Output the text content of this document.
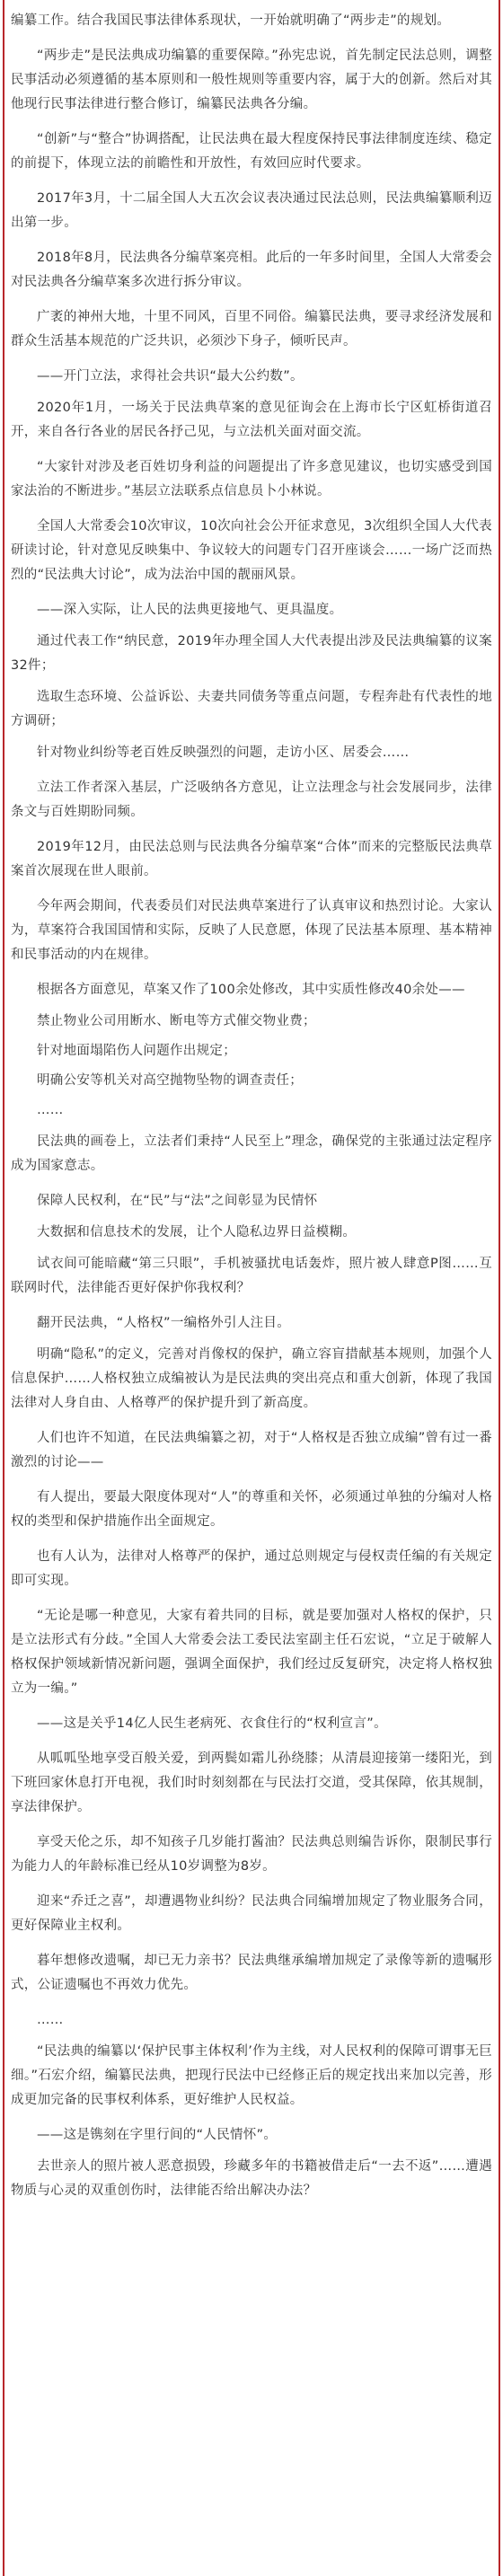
编纂工作。结合我国民事法律体系现状，一开始就明确了“两步走”的规划。

“两步走”是民法典成功编纂的重要保障。”孙宪忠说，首先制定民法总则，调整民事活动必须遵循的基本原则和一般性规则等重要内容，属于大的创新。然后对其他现行民事法律进行整合修订，编纂民法典各分编。

“创新”与“整合”协调搭配，让民法典在最大程度保持民事法律制度连续、稳定的前提下，体现立法的前瞻性和开放性，有效回应时代要求。

2017年3月，十二届全国人大五次会议表决通过民法总则，民法典编纂顺利迈出第一步。

2018年8月，民法典各分编草案亮相。此后的一年多时间里，全国人大常委会对民法典各分编草案多次进行拆分审议。

广袤的神州大地，十里不同风，百里不同俗。编纂民法典，要寻求经济发展和群众生活基本规范的广泛共识，必须沙下身子，倾听民声。

——开门立法，求得社会共识“最大公约数”。

2020年1月，一场关于民法典草案的意见征询会在上海市长宁区虹桥街道召开，来自各行各业的居民各抒己见，与立法机关面对面交流。

“大家针对涉及老百姓切身利益的问题提出了许多意见建议，也切实感受到国家法治的不断进步。”基层立法联系点信息员卜小林说。

全国人大常委会10次审议，10次向社会公开征求意见，3次组织全国人大代表研读讨论，针对意见反映集中、争议较大的问题专门召开座谈会……一场广泛而热烈的“民法典大讨论”，成为法治中国的靓丽风景。

——深入实际，让人民的法典更接地气、更具温度。

通过代表工作“纳民意，2019年办理全国人大代表提出涉及民法典编纂的议案32件；

选取生态环境、公益诉讼、夫妻共同债务等重点问题，专程奔赴有代表性的地方调研；

针对物业纠纷等老百姓反映强烈的问题，走访小区、居委会……

立法工作者深入基层，广泛吸纳各方意见，让立法理念与社会发展同步，法律条文与百姓期盼同频。

2019年12月，由民法总则与民法典各分编草案“合体”而来的完整版民法典草案首次展现在世人眼前。

今年两会期间，代表委员们对民法典草案进行了认真审议和热烈讨论。大家认为，草案符合我国国情和实际，反映了人民意愿，体现了民法基本原理、基本精神和民事活动的内在规律。

根据各方面意见，草案又作了100余处修改，其中实质性修改40余处——

禁止物业公司用断水、断电等方式催交物业费；

针对地面塌陷伤人问题作出规定；

明确公安等机关对高空抛物坠物的调查责任；

……

民法典的画卷上，立法者们秉持“人民至上”理念，确保党的主张通过法定程序成为国家意志。

保障人民权利，在“民”与“法”之间彰显为民情怀

大数据和信息技术的发展，让个人隐私边界日益模糊。

试衣间可能暗藏“第三只眼”，手机被骚扰电话轰炸，照片被人肆意P图……互联网时代，法律能否更好保护你我权利？

翻开民法典，“人格权”一编格外引人注目。

明确“隐私”的定义，完善对肖像权的保护，确立容盲措献基本规则，加强个人信息保护……人格权独立成编被认为是民法典的突出亮点和重大创新，体现了我国法律对人身自由、人格尊严的保护提升到了新高度。

人们也许不知道，在民法典编纂之初，对于“人格权是否独立成编”曾有过一番激烈的讨论——

有人提出，要最大限度体现对“人”的尊重和关怀，必须通过单独的分编对人格权的类型和保护措施作出全面规定。

也有人认为，法律对人格尊严的保护，通过总则规定与侵权责任编的有关规定即可实现。

“无论是哪一种意见，大家有着共同的目标，就是要加强对人格权的保护，只是立法形式有分歧。”全国人大常委会法工委民法室副主任石宏说，“立足于破解人格权保护领域新情况新问题，强调全面保护，我们经过反复研究，决定将人格权独立为一编。”

——这是关乎14亿人民生老病死、衣食住行的“权利宣言”。

从呱呱坠地享受百般关爱，到两鬓如霜儿孙绕膝；从清晨迎接第一缕阳光，到下班回家休息打开电视，我们时时刻刻都在与民法打交道，受其保障，依其规制，享法律保护。

享受天伦之乐，却不知孩子几岁能打酱油？民法典总则编告诉你，限制民事行为能力人的年龄标准已经从10岁调整为8岁。

迎来“乔迁之喜”，却遭遇物业纠纷？民法典合同编增加规定了物业服务合同，更好保障业主权利。

暮年想修改遗嘱，却已无力亲书？民法典继承编增加规定了录像等新的遗嘱形式，公证遗嘱也不再效力优先。

……

“民法典的编纂以‘保护民事主体权利’作为主线，对人民权利的保障可谓事无巨细。”石宏介绍，编纂民法典，把现行民法中已经修正后的规定找出来加以完善，形成更加完备的民事权利体系，更好维护人民权益。

——这是镌刻在字里行间的“人民情怀”。

去世亲人的照片被人恶意损毁，珍藏多年的书籍被借走后“一去不返”……遭遇物质与心灵的双重创伤时，法律能否给出解决办法？
